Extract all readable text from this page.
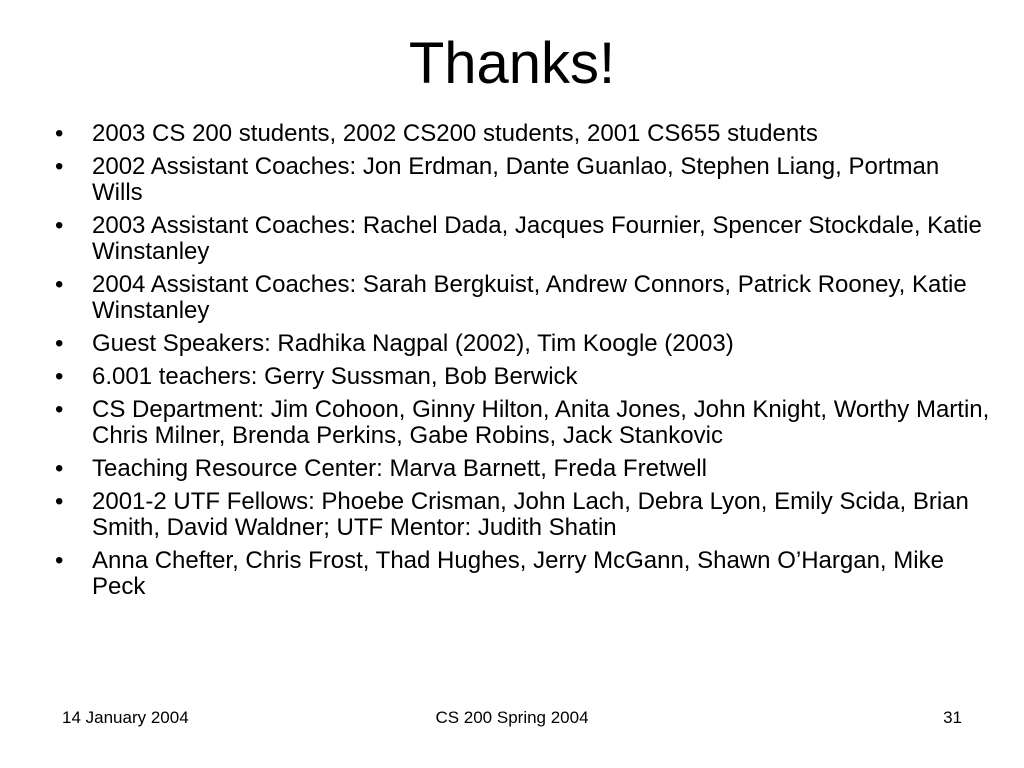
Thanks!
• 2003 CS 200 students, 2002 CS200 students, 2001 CS655 students
• 2002 Assistant Coaches: Jon Erdman, Dante Guanlao, Stephen Liang, Portman Wills
• 2003 Assistant Coaches: Rachel Dada, Jacques Fournier, Spencer Stockdale, Katie Winstanley
• 2004 Assistant Coaches: Sarah Bergkuist, Andrew Connors, Patrick Rooney, Katie Winstanley
• Guest Speakers: Radhika Nagpal (2002), Tim Koogle (2003)
• 6.001 teachers: Gerry Sussman, Bob Berwick
• CS Department: Jim Cohoon, Ginny Hilton, Anita Jones, John Knight, Worthy Martin, Chris Milner, Brenda Perkins, Gabe Robins, Jack Stankovic
• Teaching Resource Center: Marva Barnett, Freda Fretwell
• 2001-2 UTF Fellows: Phoebe Crisman, John Lach, Debra Lyon, Emily Scida, Brian Smith, David Waldner; UTF Mentor: Judith Shatin
• Anna Chefter, Chris Frost, Thad Hughes, Jerry McGann, Shawn O’Hargan, Mike Peck
14 January 2004	CS 200 Spring 2004	31
